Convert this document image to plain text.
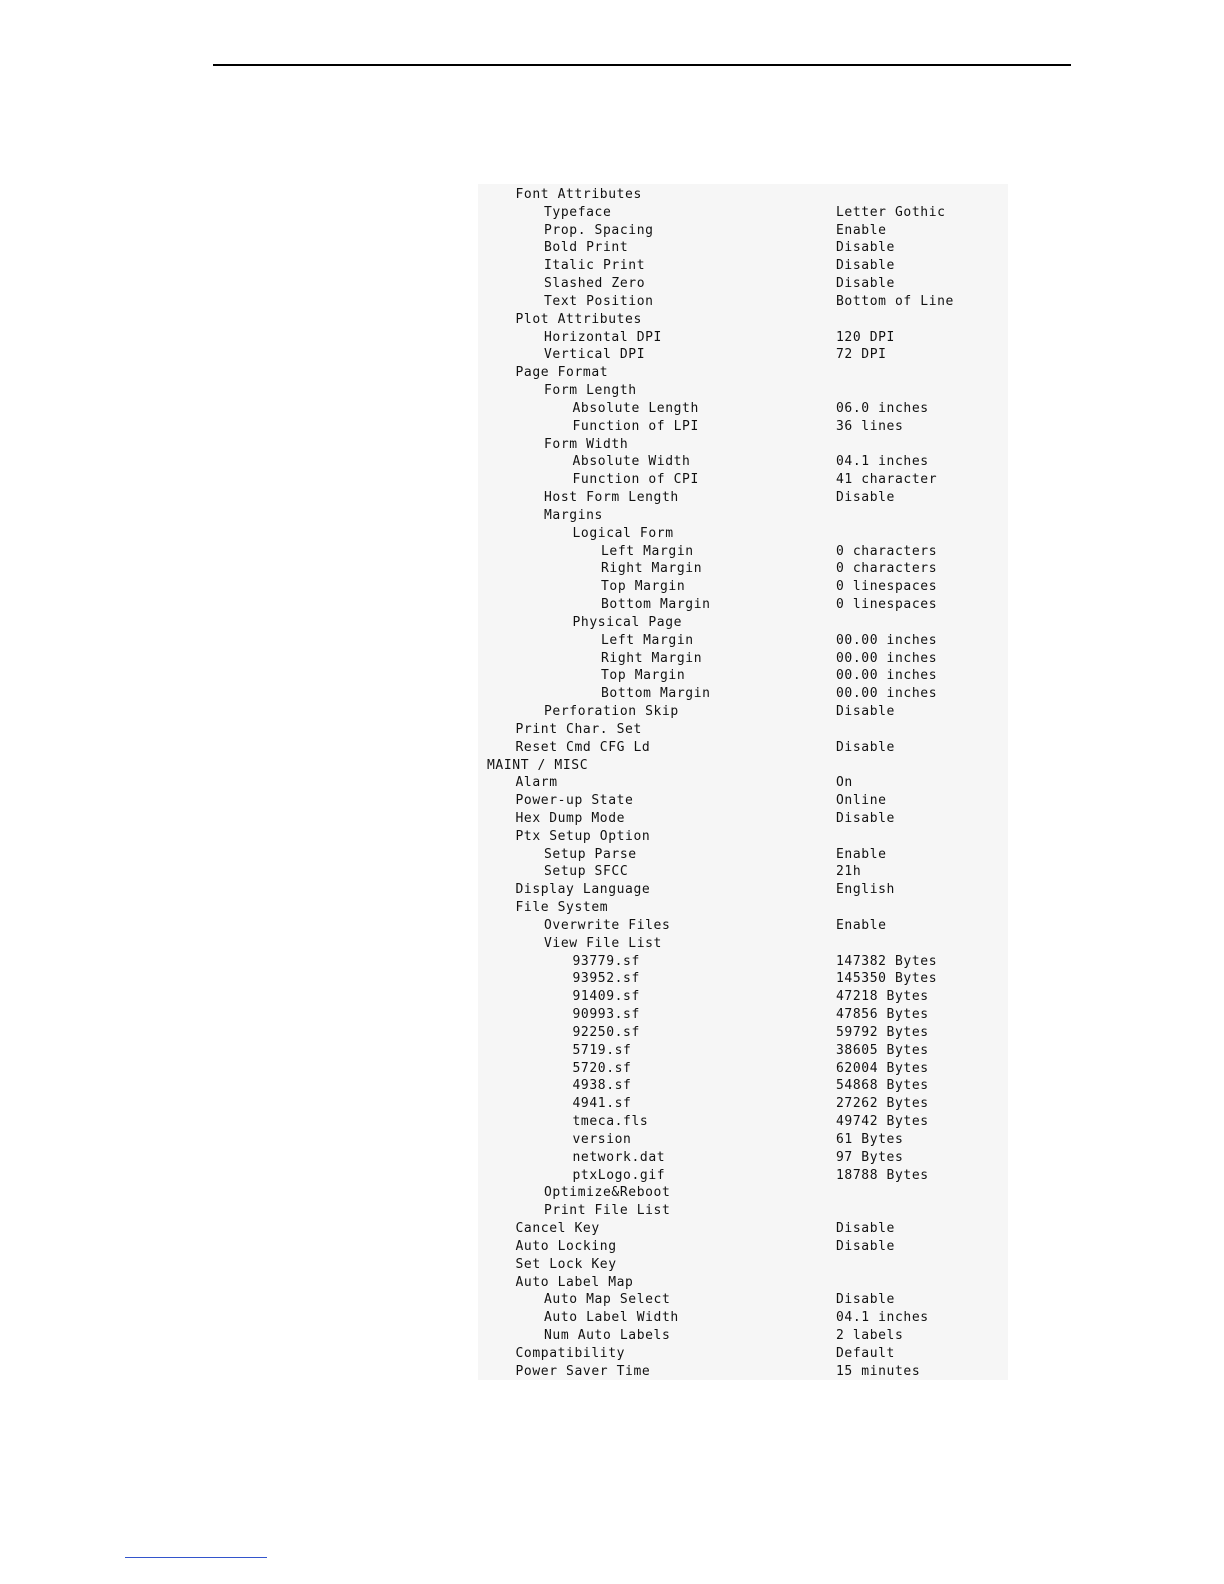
Font Attributes
Typeface	Letter Gothic
Prop. Spacing	Enable
Bold Print	Disable
Italic Print	Disable
Slashed Zero	Disable
Text Position	Bottom of Line
Plot Attributes
Horizontal DPI	120 DPI
Vertical DPI	72 DPI
Page Format
Form Length
Absolute Length	06.0 inches
Function of LPI	36 lines
Form Width
Absolute Width	04.1 inches
Function of CPI	41 character
Host Form Length	Disable
Margins
Logical Form
Left Margin	0 characters
Right Margin	0 characters
Top Margin	0 linespaces
Bottom Margin	0 linespaces
Physical Page
Left Margin	00.00 inches
Right Margin	00.00 inches
Top Margin	00.00 inches
Bottom Margin	00.00 inches
Perforation Skip	Disable
Print Char. Set
Reset Cmd CFG Ld	Disable
MAINT / MISC
Alarm	On
Power-up State	Online
Hex Dump Mode	Disable
Ptx Setup Option
Setup Parse	Enable
Setup SFCC	21h
Display Language	English
File System
Overwrite Files	Enable
View File List
93779.sf	147382 Bytes
93952.sf	145350 Bytes
91409.sf	47218 Bytes
90993.sf	47856 Bytes
92250.sf	59792 Bytes
5719.sf	38605 Bytes
5720.sf	62004 Bytes
4938.sf	54868 Bytes
4941.sf	27262 Bytes
tmeca.fls	49742 Bytes
version	61 Bytes
network.dat	97 Bytes
ptxLogo.gif	18788 Bytes
Optimize&Reboot
Print File List
Cancel Key	Disable
Auto Locking	Disable
Set Lock Key
Auto Label Map
Auto Map Select	Disable
Auto Label Width	04.1 inches
Num Auto Labels	2 labels
Compatibility	Default
Power Saver Time	15 minutes
